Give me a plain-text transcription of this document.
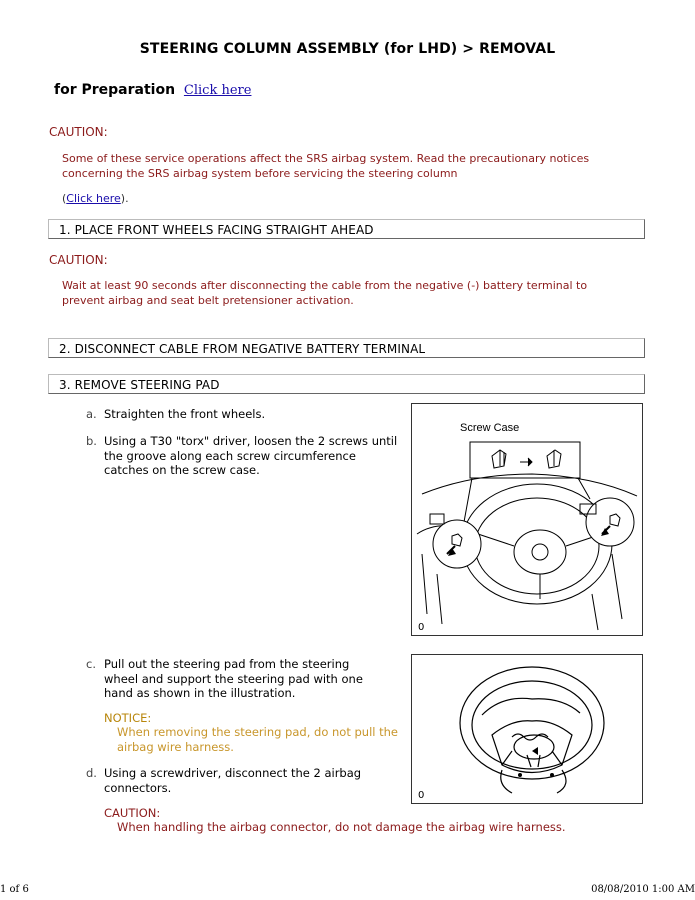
STEERING COLUMN ASSEMBLY (for LHD) > REMOVAL
for Preparation Click here
CAUTION:
Some of these service operations affect the SRS airbag system. Read the precautionary notices
concerning the SRS airbag system before servicing the steering column
(Click here).
1. PLACE FRONT WHEELS FACING STRAIGHT AHEAD
CAUTION:
Wait at least 90 seconds after disconnecting the cable from the negative (-) battery terminal to
prevent airbag and seat belt pretensioner activation.
2. DISCONNECT CABLE FROM NEGATIVE BATTERY TERMINAL
3. REMOVE STEERING PAD
a. Straighten the front wheels.
b. Using a T30 "torx" driver, loosen the 2 screws until the groove along each screw circumference catches on the screw case.
Screw Case
0
c. Pull out the steering pad from the steering wheel and support the steering pad with one hand as shown in the illustration.
NOTICE:
When removing the steering pad, do not pull the airbag wire harness.
d. Using a screwdriver, disconnect the 2 airbag connectors.
0
CAUTION:
When handling the airbag connector, do not damage the airbag wire harness.
1 of 6	08/08/2010 1:00 AM
